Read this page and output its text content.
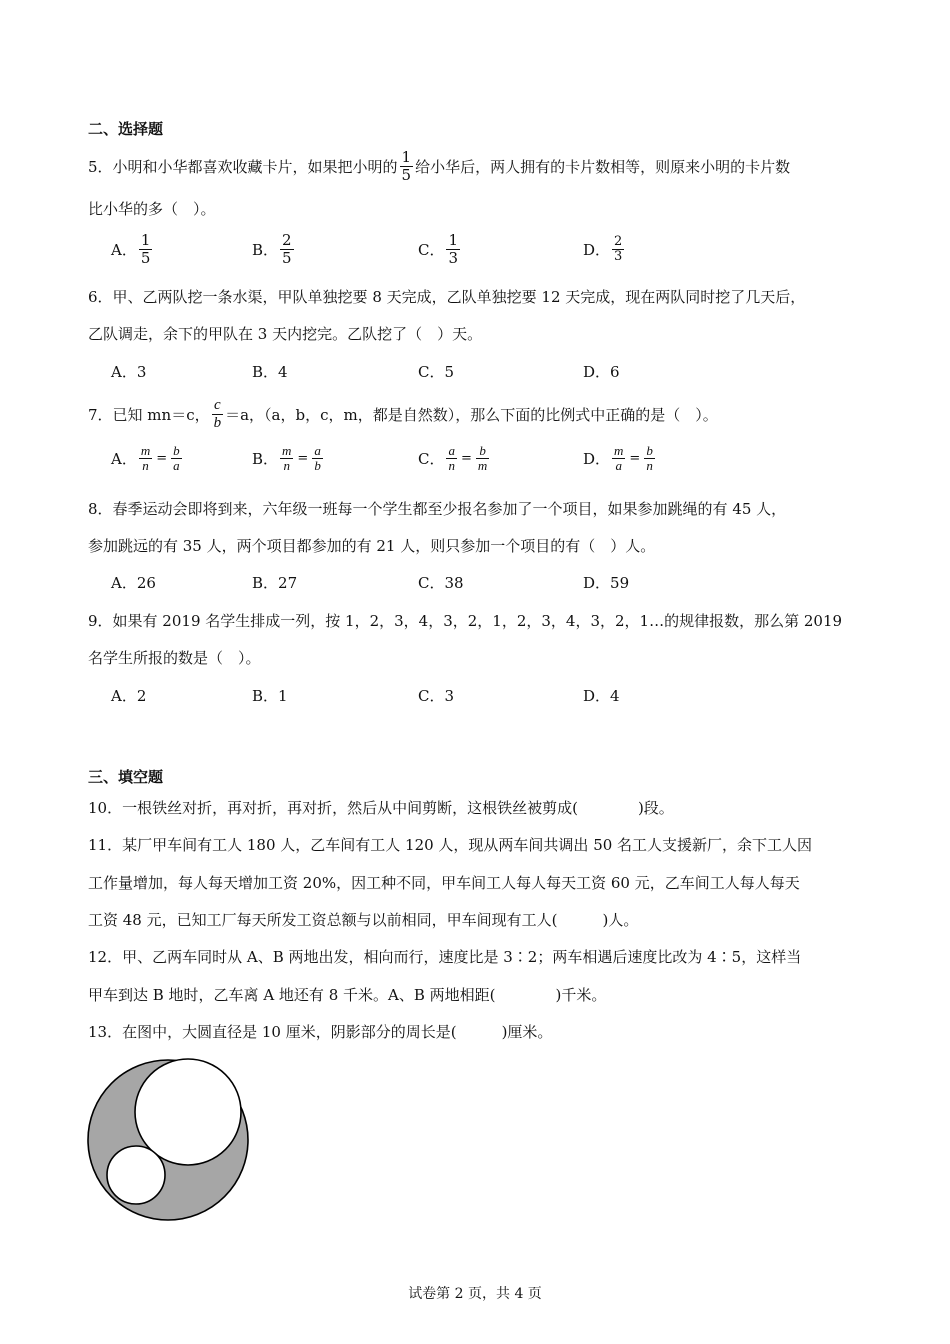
二、选择题
5．小明和小华都喜欢收藏卡片，如果把小明的 $\frac{1}{5}$ 给小华后，两人拥有的卡片数相等，则原来小明的卡片数
比小华的多（　）。
A． $\frac{1}{5}$	B． $\frac{2}{5}$	C． $\frac{1}{3}$	D． $\frac{2}{3}$
6．甲、乙两队挖一条水渠，甲队单独挖要 8 天完成，乙队单独挖要 12 天完成，现在两队同时挖了几天后，
乙队调走，余下的甲队在 3 天内挖完。乙队挖了（　）天。
A．3	B．4	C．5	D．6
7．已知 mn＝c， $\frac{c}{b} =a$，（a，b，c，m，都是自然数），那么下面的比例式中正确的是（　）。
A． $\frac{m}{n} = \frac{b}{a}$	B． $\frac{m}{n} = \frac{a}{b}$	C． $\frac{a}{n} = \frac{b}{m}$	D． $\frac{m}{a} = \frac{b}{n}$
8．春季运动会即将到来，六年级一班每一个学生都至少报名参加了一个项目，如果参加跳绳的有 45 人，
参加跳远的有 35 人，两个项目都参加的有 21 人，则只参加一个项目的有（　）人。
A．26	B．27	C．38	D．59
9．如果有 2019 名学生排成一列，按 1，2，3，4，3，2，1，2，3，4，3，2，1…的规律报数，那么第 2019
名学生所报的数是（　）。
A．2	B．1	C．3	D．4
三、填空题
10．一根铁丝对折，再对折，再对折，然后从中间剪断，这根铁丝被剪成(　　　　)段。
11．某厂甲车间有工人 180 人，乙车间有工人 120 人，现从两车间共调出 50 名工人支援新厂，余下工人因
工作量增加，每人每天增加工资 20%，因工种不同，甲车间工人每人每天工资 60 元，乙车间工人每人每天
工资 48 元，已知工厂每天所发工资总额与以前相同，甲车间现有工人(　　　)人。
12．甲、乙两车同时从 A、B 两地出发，相向而行，速度比是 3∶2；两车相遇后速度比改为 4∶5，这样当
甲车到达 B 地时，乙车离 A 地还有 8 千米。A、B 两地相距(　　　　)千米。
13．在图中，大圆直径是 10 厘米，阴影部分的周长是(　　　)厘米。
试卷第 2 页，共 4 页
